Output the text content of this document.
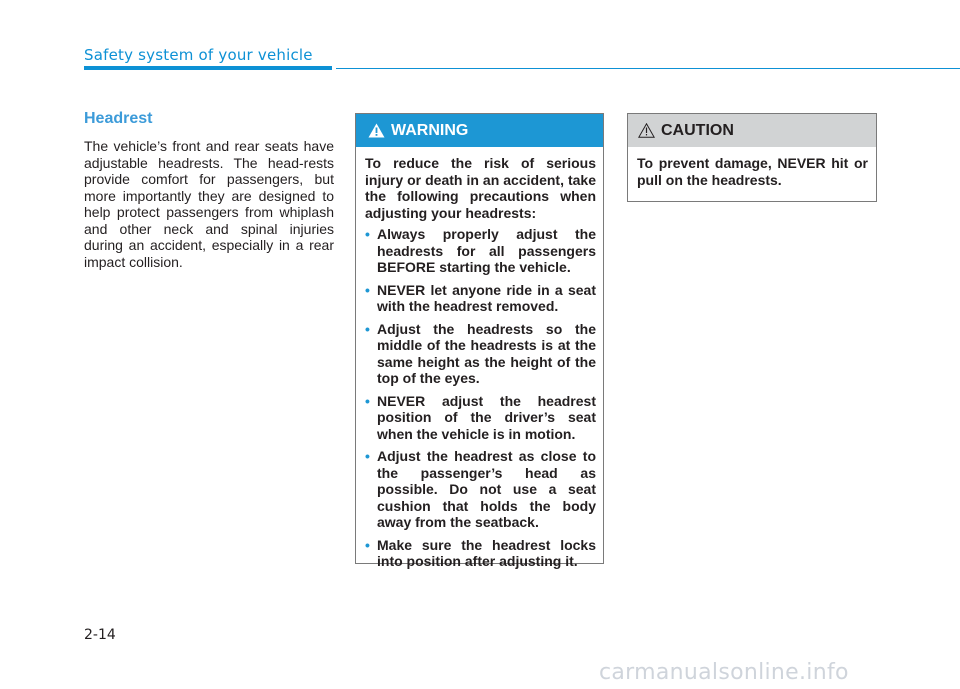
Safety system of your vehicle
Headrest
The vehicle’s front and rear seats have adjustable headrests. The head-rests provide comfort for passengers, but more importantly they are designed to help protect passengers from whiplash and other neck and spinal injuries during an accident, especially in a rear impact collision.
WARNING

To reduce the risk of serious injury or death in an accident, take the following precautions when adjusting your headrests:

• Always properly adjust the headrests for all passengers BEFORE starting the vehicle.
• NEVER let anyone ride in a seat with the headrest removed.
• Adjust the headrests so the middle of the headrests is at the same height as the height of the top of the eyes.
• NEVER adjust the headrest position of the driver’s seat when the vehicle is in motion.
• Adjust the headrest as close to the passenger’s head as possible. Do not use a seat cushion that holds the body away from the seatback.
• Make sure the headrest locks into position after adjusting it.
CAUTION
To prevent damage, NEVER hit or pull on the headrests.
2-14
carmanualsonline.info
